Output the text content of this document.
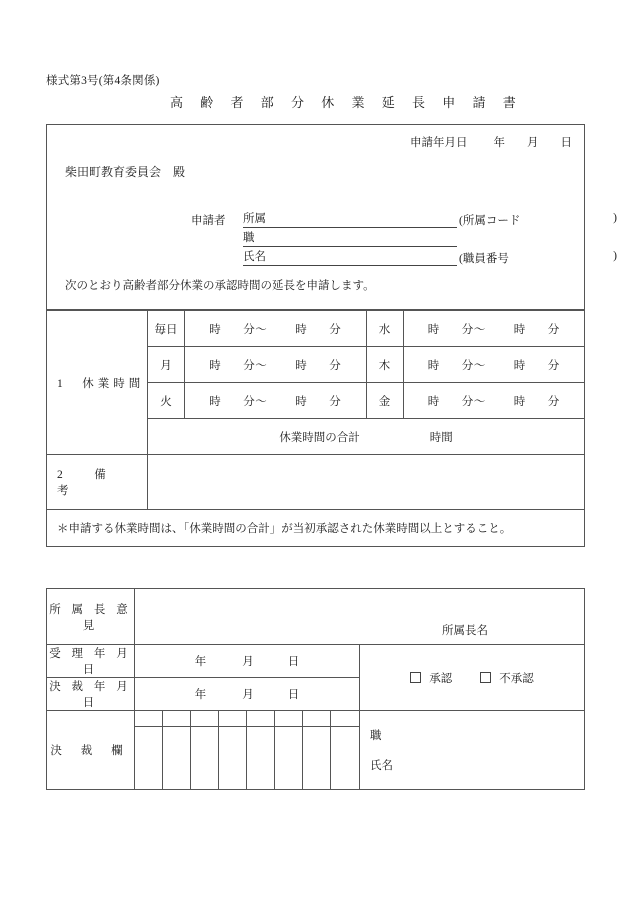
様式第3号(第4条関係)
高 齢 者 部 分 休 業 延 長 申 請 書
申請年月日 年 月 日
柴田町教育委員会 殿
申請者	所属	(所属コード	)
職
氏名	(職員番号	)
次のとおり高齢者部分休業の承認時間の延長を申請します。
1　休業時間	毎日	時 分～ 時 分	水	時 分～ 時 分
	月	時 分～ 時 分	木	時 分～ 時 分
	火	時 分～ 時 分	金	時 分～ 時 分
	休業時間の合計 時間			
2　備　　考				
＊申請する休業時間は、「休業時間の合計」が当初承認された休業時間以上とすること。				
所 属 長 意 見	所属長名	

受 理 年 月 日	年 月 日	承認 不承認
決 裁 年 月 日	年 月 日	
決 裁 欄		職
氏名
